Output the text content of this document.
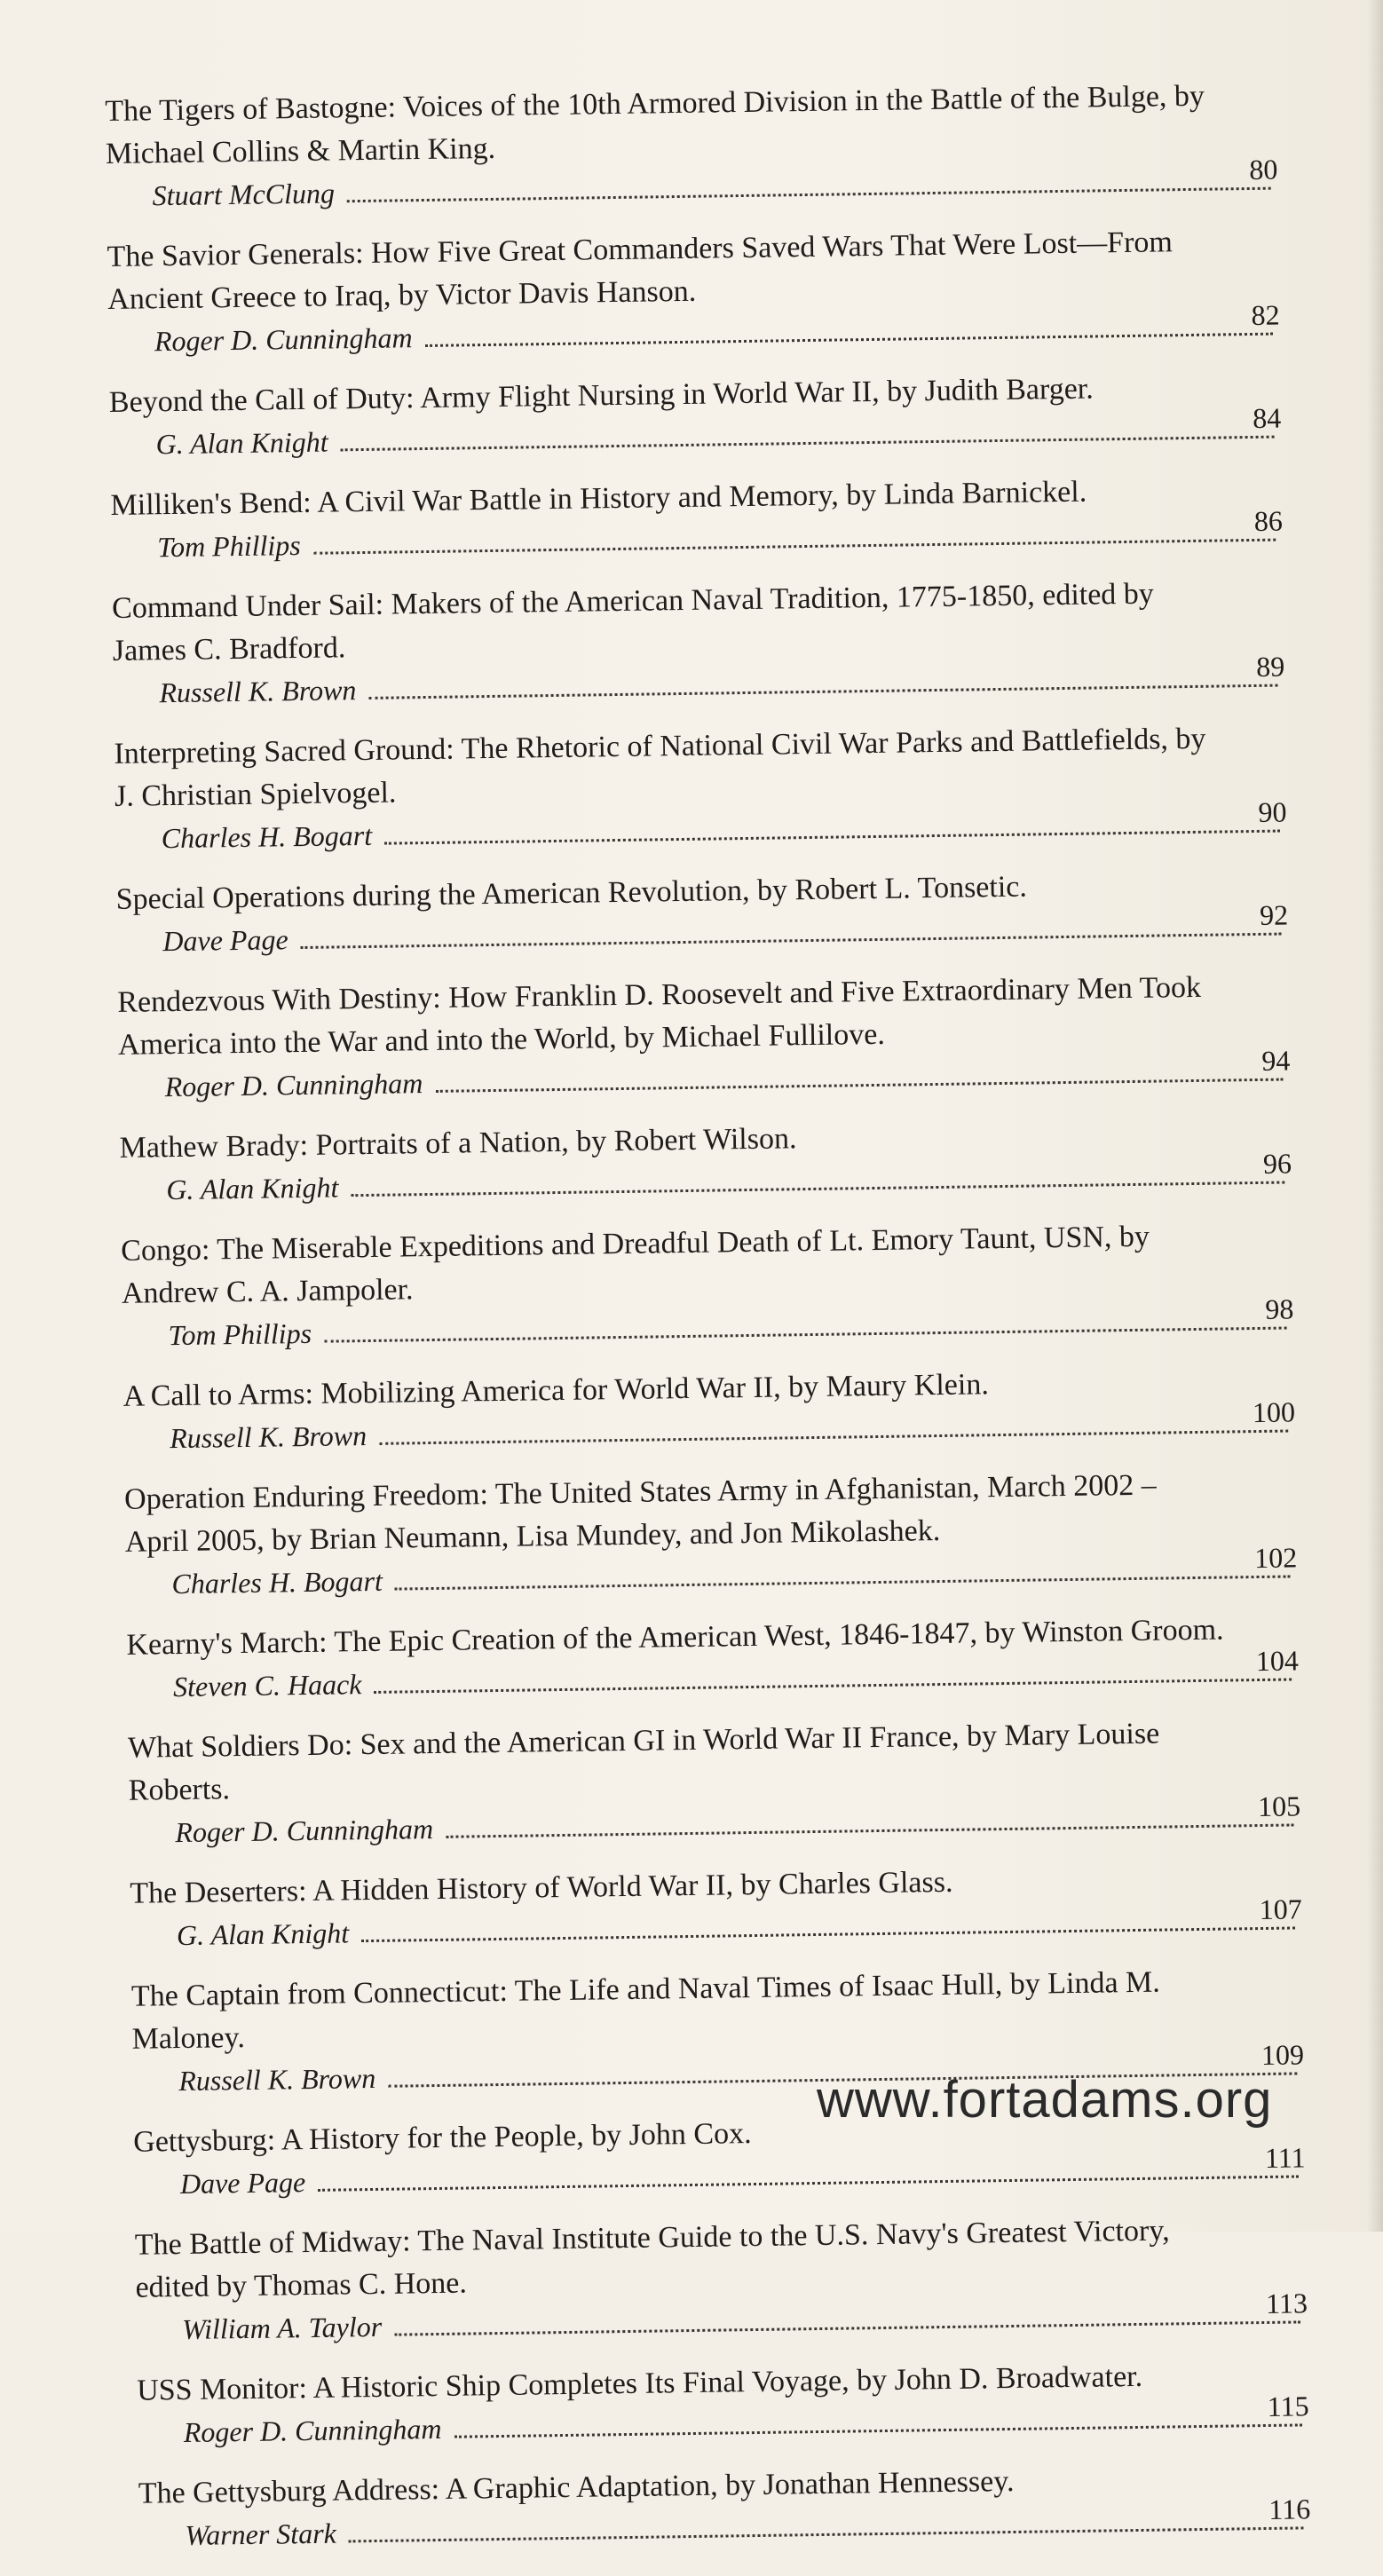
The Tigers of Bastogne: Voices of the 10th Armored Division in the Battle of the Bulge, by Michael Collins & Martin King.
Stuart McClung
80
The Savior Generals: How Five Great Commanders Saved Wars That Were Lost—From Ancient Greece to Iraq, by Victor Davis Hanson.
Roger D. Cunningham
82
Beyond the Call of Duty: Army Flight Nursing in World War II, by Judith Barger.
G. Alan Knight
84
Milliken's Bend: A Civil War Battle in History and Memory, by Linda Barnickel.
Tom Phillips
86
Command Under Sail: Makers of the American Naval Tradition, 1775-1850, edited by James C. Bradford.
Russell K. Brown
89
Interpreting Sacred Ground: The Rhetoric of National Civil War Parks and Battlefields, by J. Christian Spielvogel.
Charles H. Bogart
90
Special Operations during the American Revolution, by Robert L. Tonsetic.
Dave Page
92
Rendezvous With Destiny: How Franklin D. Roosevelt and Five Extraordinary Men Took America into the War and into the World, by Michael Fullilove.
Roger D. Cunningham
94
Mathew Brady: Portraits of a Nation, by Robert Wilson.
G. Alan Knight
96
Congo: The Miserable Expeditions and Dreadful Death of Lt. Emory Taunt, USN, by Andrew C. A. Jampoler.
Tom Phillips
98
A Call to Arms: Mobilizing America for World War II, by Maury Klein.
Russell K. Brown
100
Operation Enduring Freedom: The United States Army in Afghanistan, March 2002 – April 2005, by Brian Neumann, Lisa Mundey, and Jon Mikolashek.
Charles H. Bogart
102
Kearny's March: The Epic Creation of the American West, 1846-1847, by Winston Groom.
Steven C. Haack
104
What Soldiers Do: Sex and the American GI in World War II France, by Mary Louise Roberts.
Roger D. Cunningham
105
The Deserters: A Hidden History of World War II, by Charles Glass.
G. Alan Knight
107
The Captain from Connecticut: The Life and Naval Times of Isaac Hull, by Linda M. Maloney.
Russell K. Brown
109
Gettysburg: A History for the People, by John Cox.
Dave Page
111
The Battle of Midway: The Naval Institute Guide to the U.S. Navy's Greatest Victory, edited by Thomas C. Hone.
William A. Taylor
113
USS Monitor: A Historic Ship Completes Its Final Voyage, by John D. Broadwater.
Roger D. Cunningham
115
The Gettysburg Address: A Graphic Adaptation, by Jonathan Hennessey.
Warner Stark
116
www.fortadams.org
